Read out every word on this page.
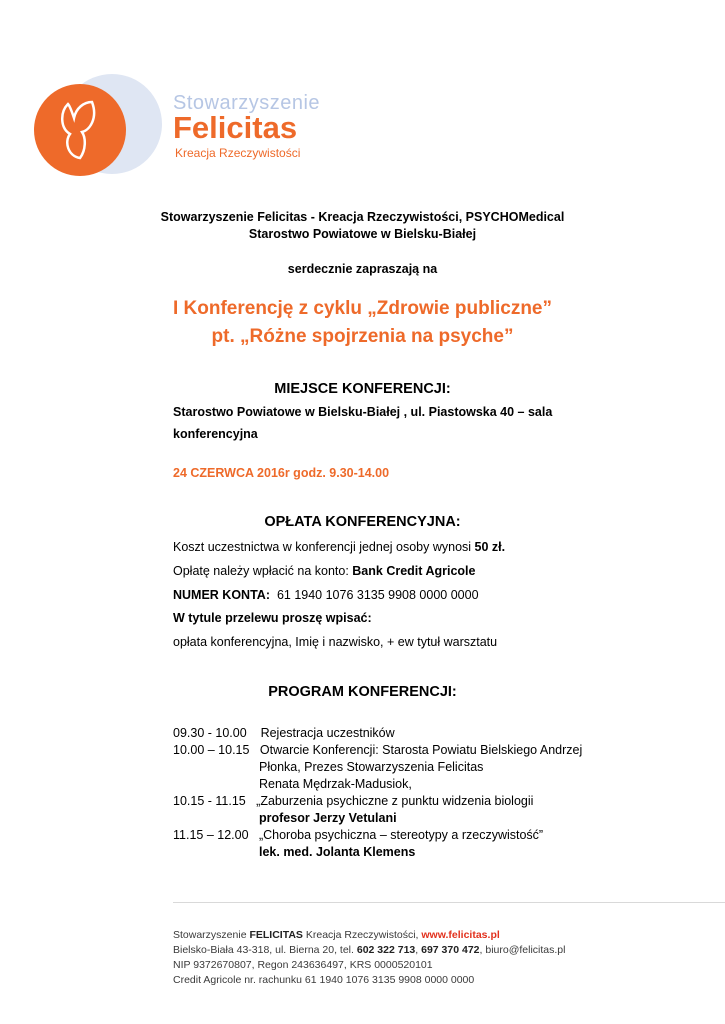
Stowarzyszenie
Felicitas
Kreacja Rzeczywistości
Stowarzyszenie Felicitas - Kreacja Rzeczywistości, PSYCHOMedical
Starostwo Powiatowe w Bielsku-Białej
serdecznie zapraszają na
I Konferencję z cyklu „Zdrowie publiczne”
pt. „Różne spojrzenia na psyche”
MIEJSCE KONFERENCJI:
Starostwo Powiatowe w Bielsku-Białej , ul. Piastowska 40 – sala
konferencyjna
24 CZERWCA 2016r godz. 9.30-14.00
OPŁATA KONFERENCYJNA:
Koszt uczestnictwa w konferencji jednej osoby wynosi 50 zł.
Opłatę należy wpłacić na konto: Bank Credit Agricole
NUMER KONTA: 61 1940 1076 3135 9908 0000 0000
W tytule przelewu proszę wpisać:
opłata konferencyjna, Imię i nazwisko, + ew tytuł warsztatu
PROGRAM KONFERENCJI:
09.30 - 10.00 Rejestracja uczestników
10.00 – 10.15 Otwarcie Konferencji: Starosta Powiatu Bielskiego Andrzej
Płonka, Prezes Stowarzyszenia Felicitas
Renata Mędrzak-Madusiok,
10.15 - 11.15 „Zaburzenia psychiczne z punktu widzenia biologii
profesor Jerzy Vetulani
11.15 – 12.00 „Choroba psychiczna – stereotypy a rzeczywistość”
lek. med. Jolanta Klemens
Stowarzyszenie FELICITAS Kreacja Rzeczywistości, www.felicitas.pl
Bielsko-Biała 43-318, ul. Bierna 20, tel. 602 322 713, 697 370 472, biuro@felicitas.pl
NIP 9372670807, Regon 243636497, KRS 0000520101
Credit Agricole nr. rachunku 61 1940 1076 3135 9908 0000 0000
